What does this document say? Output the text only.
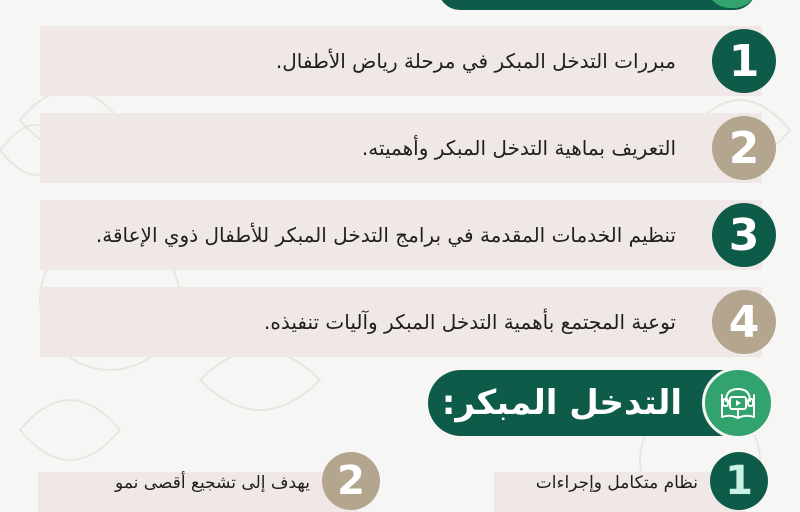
1
مبررات التدخل المبكر في مرحلة رياض الأطفال.
2
التعريف بماهية التدخل المبكر وأهميته.
3
تنظيم الخدمات المقدمة في برامج التدخل المبكر للأطفال ذوي الإعاقة.
4
توعية المجتمع بأهمية التدخل المبكر وآليات تنفيذه.
التدخل المبكر:
1
نظام متكامل وإجراءات
2
يهدف إلى تشجيع أقصى نمو
